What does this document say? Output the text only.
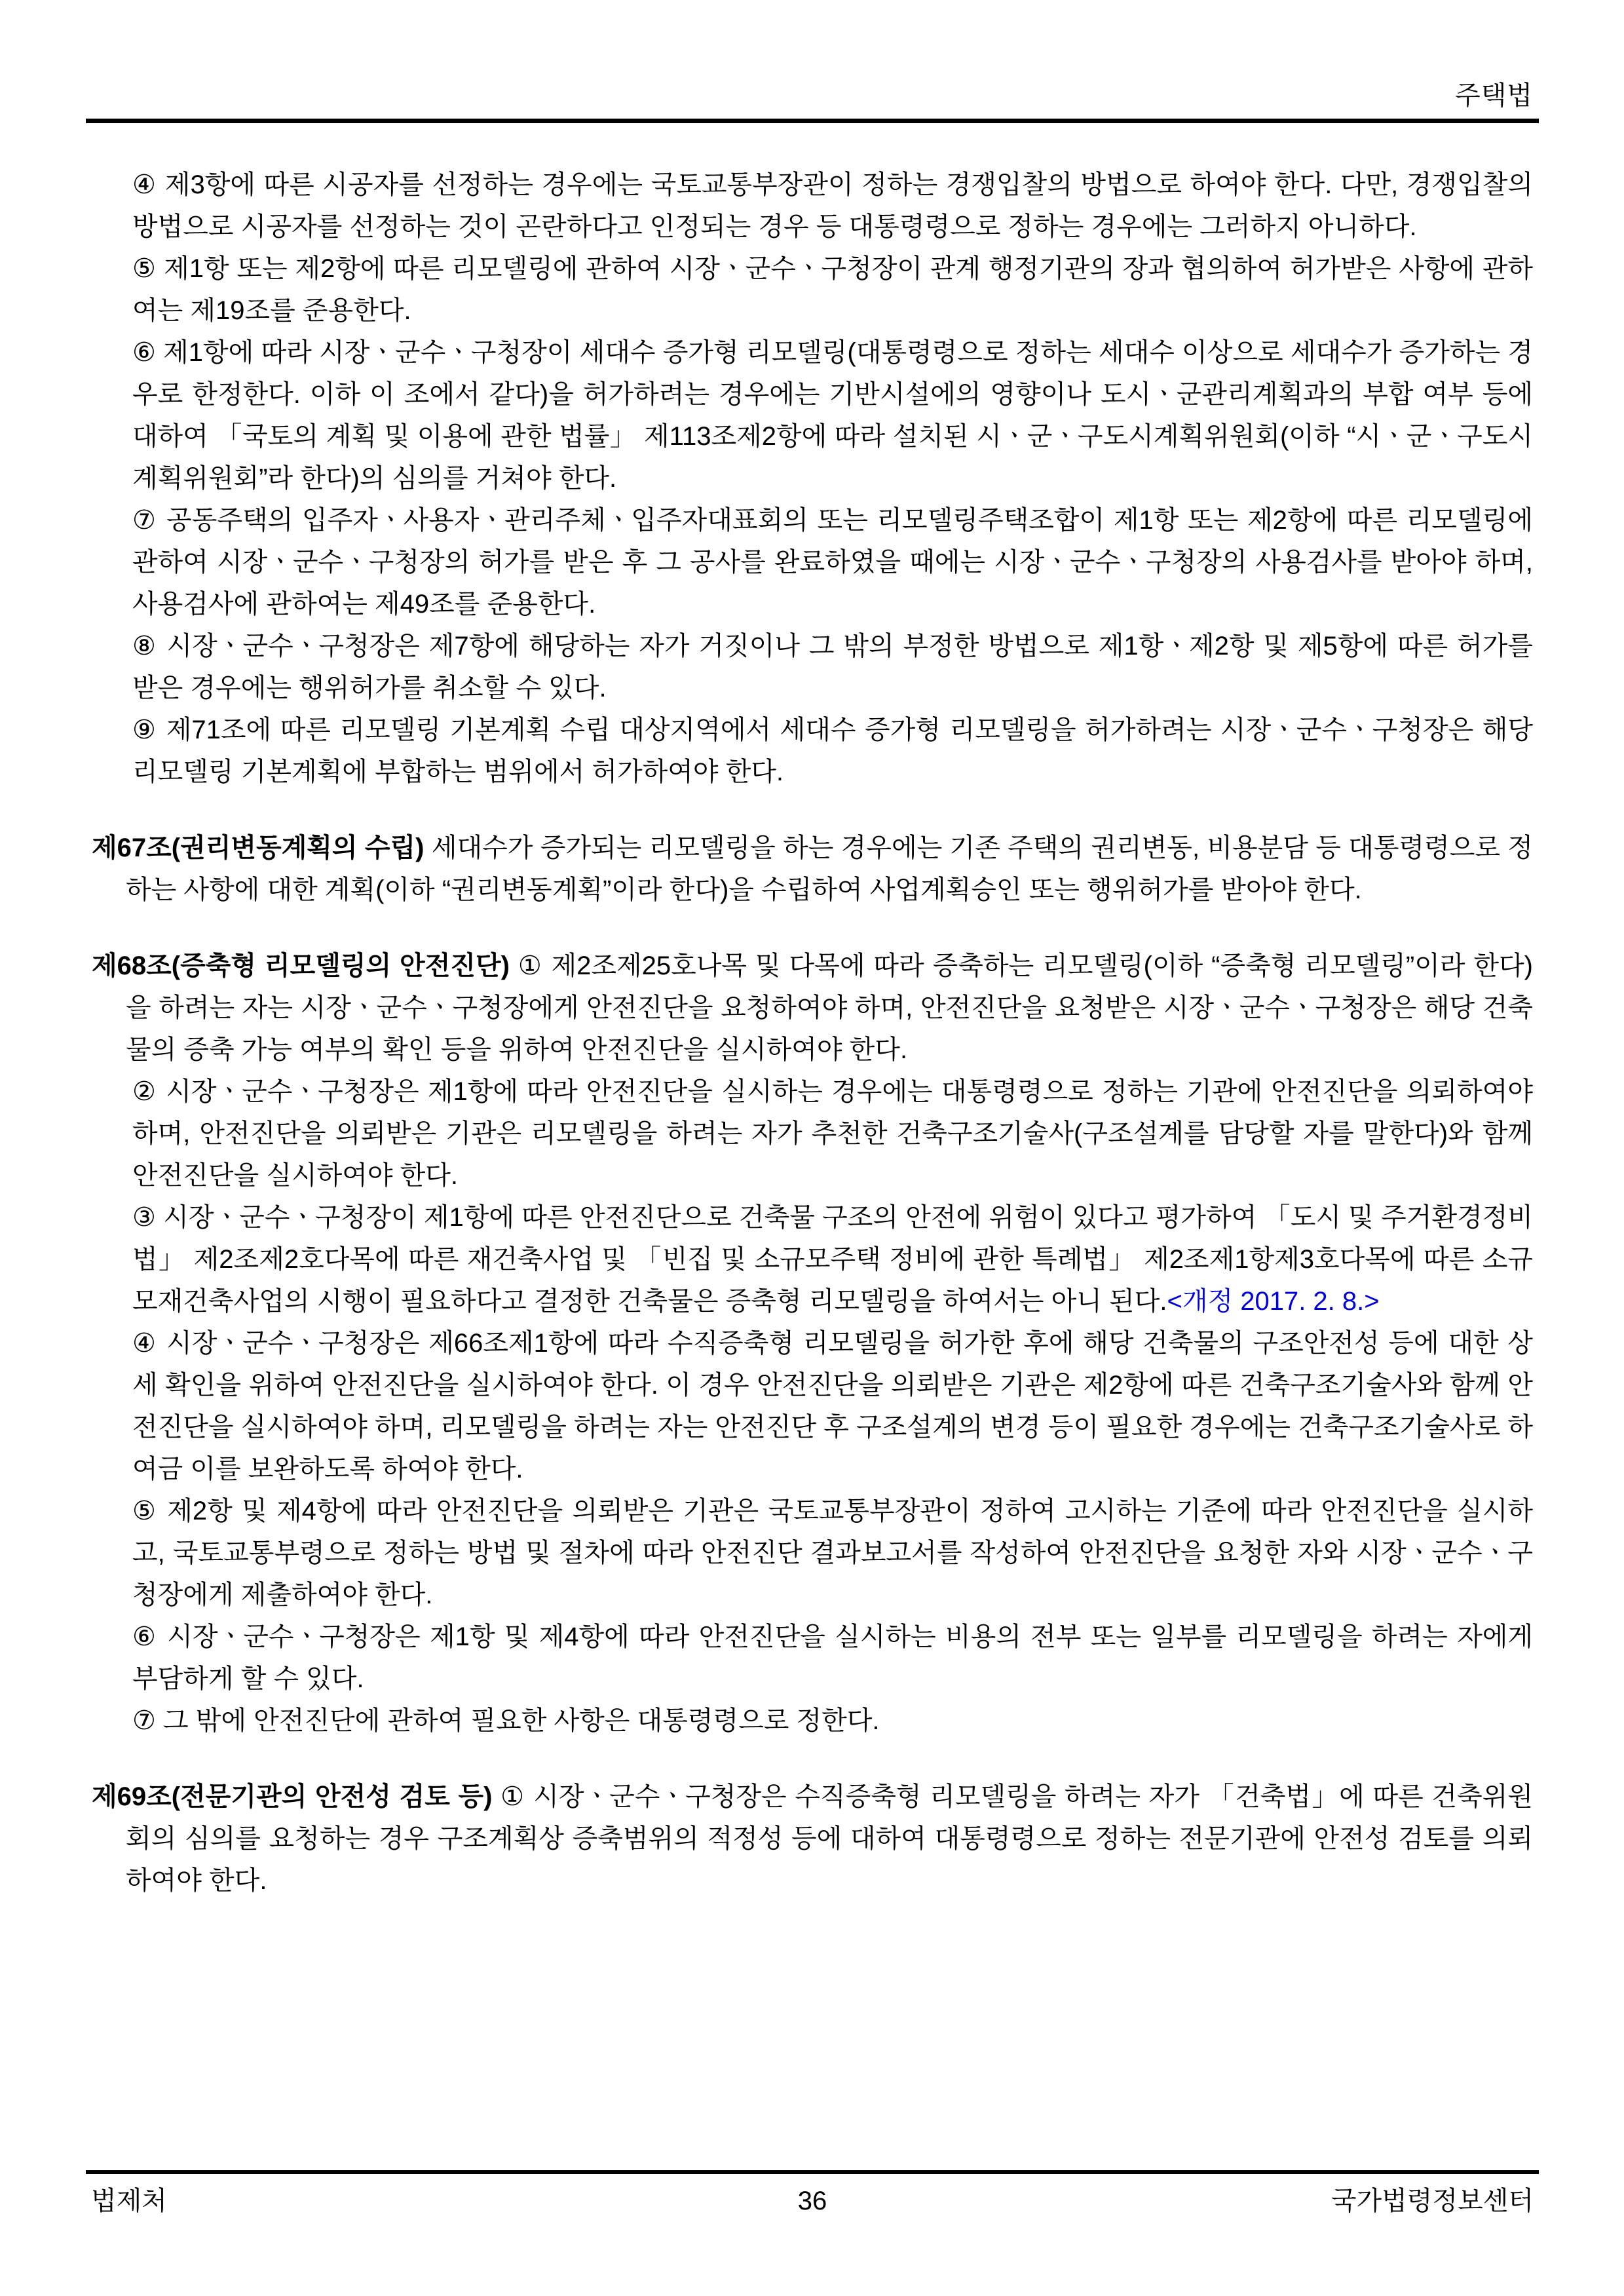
주택법
④ 제3항에 따른 시공자를 선정하는 경우에는 국토교통부장관이 정하는 경쟁입찰의 방법으로 하여야 한다. 다만, 경쟁입찰의 방법으로 시공자를 선정하는 것이 곤란하다고 인정되는 경우 등 대통령령으로 정하는 경우에는 그러하지 아니하다.
⑤ 제1항 또는 제2항에 따른 리모델링에 관하여 시장ㆍ군수ㆍ구청장이 관계 행정기관의 장과 협의하여 허가받은 사항에 관하여는 제19조를 준용한다.
⑥ 제1항에 따라 시장ㆍ군수ㆍ구청장이 세대수 증가형 리모델링(대통령령으로 정하는 세대수 이상으로 세대수가 증가하는 경우로 한정한다. 이하 이 조에서 같다)을 허가하려는 경우에는 기반시설에의 영향이나 도시ㆍ군관리계획과의 부합 여부 등에 대하여 「국토의 계획 및 이용에 관한 법률」 제113조제2항에 따라 설치된 시ㆍ군ㆍ구도시계획위원회(이하 “시ㆍ군ㆍ구도시계획위원회”라 한다)의 심의를 거쳐야 한다.
⑦ 공동주택의 입주자ㆍ사용자ㆍ관리주체ㆍ입주자대표회의 또는 리모델링주택조합이 제1항 또는 제2항에 따른 리모델링에 관하여 시장ㆍ군수ㆍ구청장의 허가를 받은 후 그 공사를 완료하였을 때에는 시장ㆍ군수ㆍ구청장의 사용검사를 받아야 하며, 사용검사에 관하여는 제49조를 준용한다.
⑧ 시장ㆍ군수ㆍ구청장은 제7항에 해당하는 자가 거짓이나 그 밖의 부정한 방법으로 제1항ㆍ제2항 및 제5항에 따른 허가를 받은 경우에는 행위허가를 취소할 수 있다.
⑨ 제71조에 따른 리모델링 기본계획 수립 대상지역에서 세대수 증가형 리모델링을 허가하려는 시장ㆍ군수ㆍ구청장은 해당 리모델링 기본계획에 부합하는 범위에서 허가하여야 한다.
제67조(권리변동계획의 수립) 세대수가 증가되는 리모델링을 하는 경우에는 기존 주택의 권리변동, 비용분담 등 대통령령으로 정하는 사항에 대한 계획(이하 “권리변동계획”이라 한다)을 수립하여 사업계획승인 또는 행위허가를 받아야 한다.
제68조(증축형 리모델링의 안전진단) ① 제2조제25호나목 및 다목에 따라 증축하는 리모델링(이하 “증축형 리모델링”이라 한다)을 하려는 자는 시장ㆍ군수ㆍ구청장에게 안전진단을 요청하여야 하며, 안전진단을 요청받은 시장ㆍ군수ㆍ구청장은 해당 건축물의 증축 가능 여부의 확인 등을 위하여 안전진단을 실시하여야 한다.
② 시장ㆍ군수ㆍ구청장은 제1항에 따라 안전진단을 실시하는 경우에는 대통령령으로 정하는 기관에 안전진단을 의뢰하여야 하며, 안전진단을 의뢰받은 기관은 리모델링을 하려는 자가 추천한 건축구조기술사(구조설계를 담당할 자를 말한다)와 함께 안전진단을 실시하여야 한다.
③ 시장ㆍ군수ㆍ구청장이 제1항에 따른 안전진단으로 건축물 구조의 안전에 위험이 있다고 평가하여 「도시 및 주거환경정비법」 제2조제2호다목에 따른 재건축사업 및 「빈집 및 소규모주택 정비에 관한 특례법」 제2조제1항제3호다목에 따른 소규모재건축사업의 시행이 필요하다고 결정한 건축물은 증축형 리모델링을 하여서는 아니 된다.<개정 2017. 2. 8.>
④ 시장ㆍ군수ㆍ구청장은 제66조제1항에 따라 수직증축형 리모델링을 허가한 후에 해당 건축물의 구조안전성 등에 대한 상세 확인을 위하여 안전진단을 실시하여야 한다. 이 경우 안전진단을 의뢰받은 기관은 제2항에 따른 건축구조기술사와 함께 안전진단을 실시하여야 하며, 리모델링을 하려는 자는 안전진단 후 구조설계의 변경 등이 필요한 경우에는 건축구조기술사로 하여금 이를 보완하도록 하여야 한다.
⑤ 제2항 및 제4항에 따라 안전진단을 의뢰받은 기관은 국토교통부장관이 정하여 고시하는 기준에 따라 안전진단을 실시하고, 국토교통부령으로 정하는 방법 및 절차에 따라 안전진단 결과보고서를 작성하여 안전진단을 요청한 자와 시장ㆍ군수ㆍ구청장에게 제출하여야 한다.
⑥ 시장ㆍ군수ㆍ구청장은 제1항 및 제4항에 따라 안전진단을 실시하는 비용의 전부 또는 일부를 리모델링을 하려는 자에게 부담하게 할 수 있다.
⑦ 그 밖에 안전진단에 관하여 필요한 사항은 대통령령으로 정한다.
제69조(전문기관의 안전성 검토 등) ① 시장ㆍ군수ㆍ구청장은 수직증축형 리모델링을 하려는 자가 「건축법」에 따른 건축위원회의 심의를 요청하는 경우 구조계획상 증축범위의 적정성 등에 대하여 대통령령으로 정하는 전문기관에 안전성 검토를 의뢰하여야 한다.
법제처	36	국가법령정보센터
